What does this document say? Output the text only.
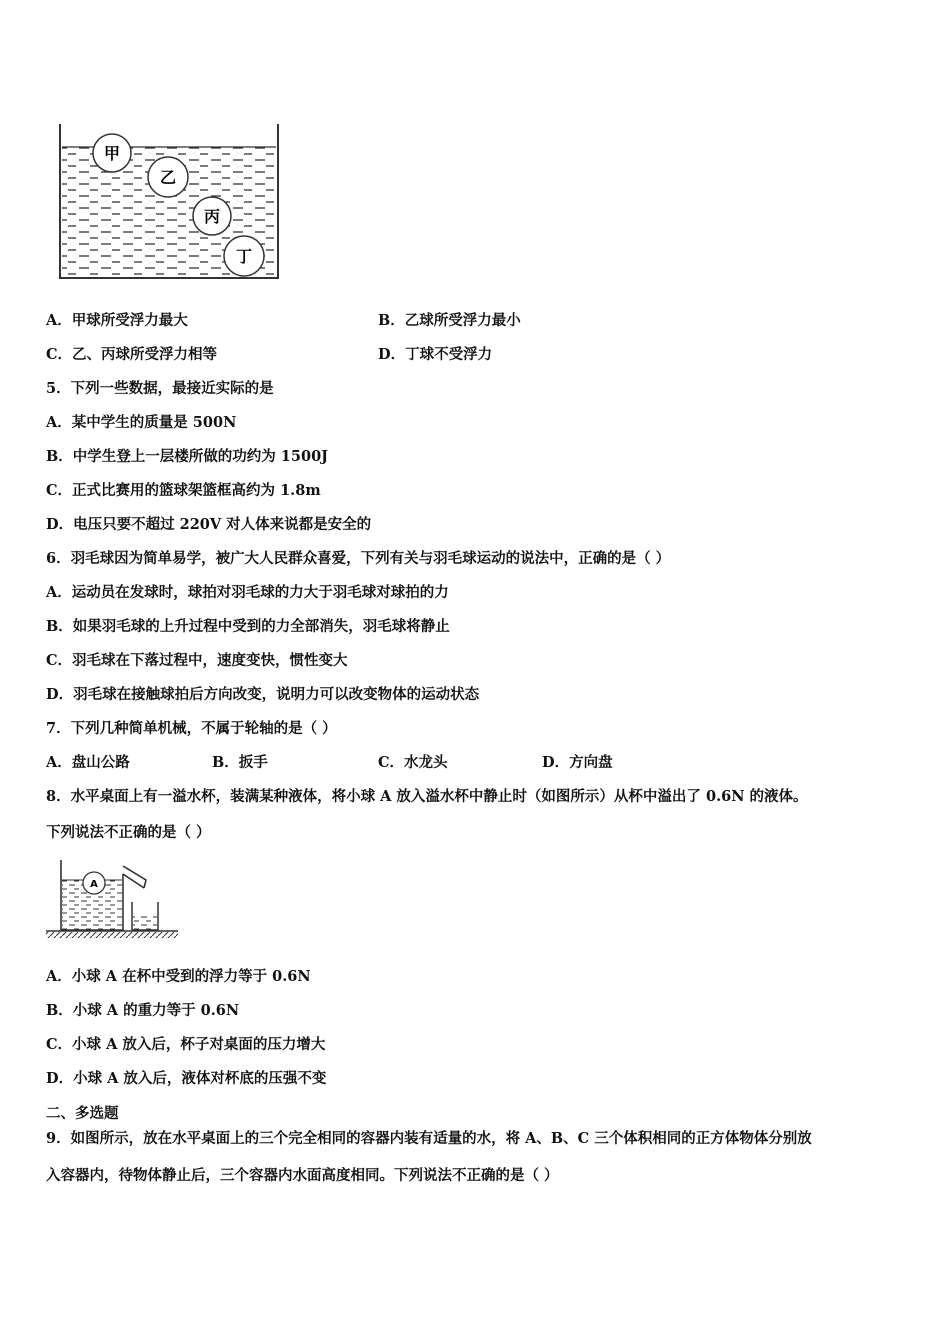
甲
乙
丙
丁
A．甲球所受浮力最大	B．乙球所受浮力最小
C．乙、丙球所受浮力相等	D．丁球不受浮力
5．下列一些数据，最接近实际的是
A．某中学生的质量是 500N
B．中学生登上一层楼所做的功约为 1500J
C．正式比赛用的篮球架篮框高约为 1.8m
D．电压只要不超过 220V 对人体来说都是安全的
6．羽毛球因为简单易学，被广大人民群众喜爱，下列有关与羽毛球运动的说法中，正确的是（ ）
A．运动员在发球时，球拍对羽毛球的力大于羽毛球对球拍的力
B．如果羽毛球的上升过程中受到的力全部消失，羽毛球将静止
C．羽毛球在下落过程中，速度变快，惯性变大
D．羽毛球在接触球拍后方向改变，说明力可以改变物体的运动状态
7．下列几种简单机械，不属于轮轴的是（ ）
A．盘山公路	B．扳手	C．水龙头	D．方向盘
8．水平桌面上有一溢水杯，装满某种液体，将小球 A 放入溢水杯中静止时（如图所示）从杯中溢出了 0.6N 的液体。
下列说法不正确的是（ ）
A
A．小球 A 在杯中受到的浮力等于 0.6N
B．小球 A 的重力等于 0.6N
C．小球 A 放入后，杯子对桌面的压力增大
D．小球 A 放入后，液体对杯底的压强不变
二、多选题
9．如图所示，放在水平桌面上的三个完全相同的容器内装有适量的水，将 A、B、C 三个体积相同的正方体物体分别放
入容器内，待物体静止后，三个容器内水面高度相同。下列说法不正确的是（ ）
